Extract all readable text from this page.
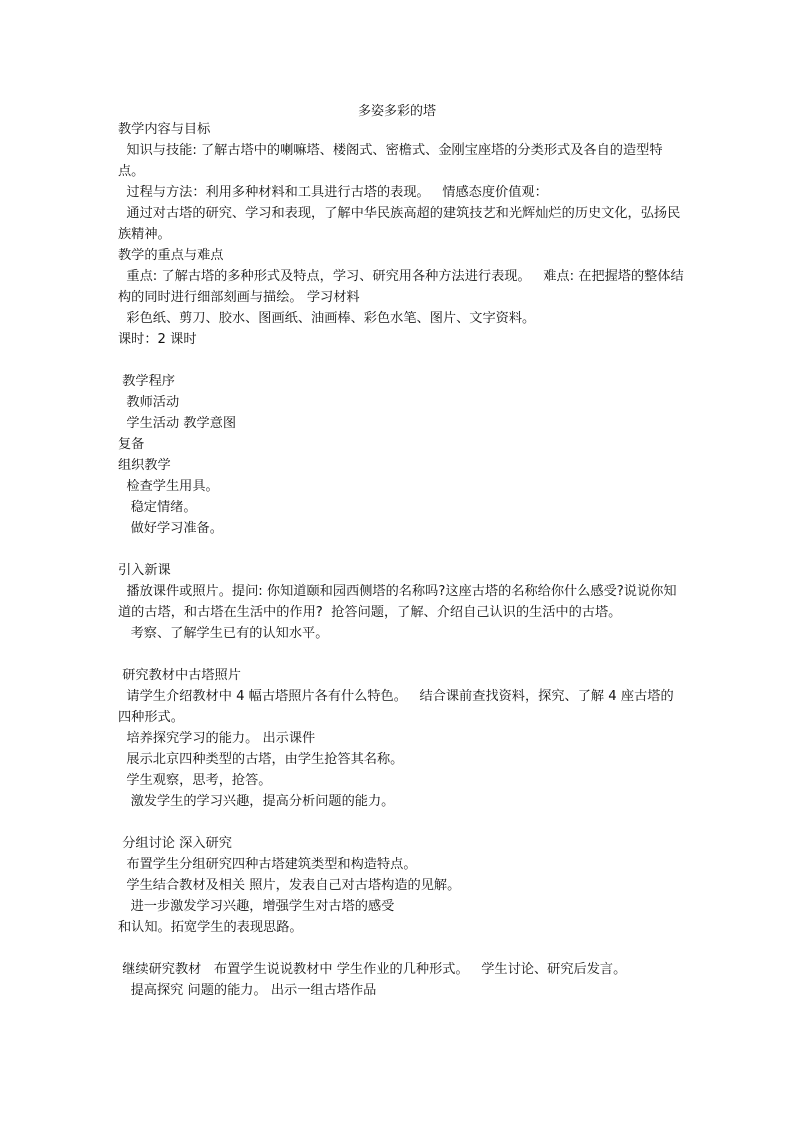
多姿多彩的塔

教学内容与目标

知识与技能: 了解古塔中的喇嘛塔、楼阁式、密檐式、金刚宝座塔的分类形式及各自的造型特点。

过程与方法：利用多种材料和工具进行古塔的表现。   情感态度价值观：

通过对古塔的研究、学习和表现，了解中华民族高超的建筑技艺和光辉灿烂的历史文化，弘扬民族精神。

教学的重点与难点

重点: 了解古塔的多种形式及特点，学习、研究用各种方法进行表现。   难点: 在把握塔的整体结构的同时进行细部刻画与描绘。 学习材料

彩色纸、剪刀、胶水、图画纸、油画棒、彩色水笔、图片、文字资料。

课时：2 课时

教学程序

教师活动

学生活动 教学意图

复备

组织教学

检查学生用具。

稳定情绪。

做好学习准备。

引入新课

播放课件或照片。提问: 你知道颐和园西侧塔的名称吗?这座古塔的名称给你什么感受?说说你知道的古塔，和古塔在生活中的作用?  抢答问题，了解、介绍自己认识的生活中的古塔。

考察、了解学生已有的认知水平。

研究教材中古塔照片

请学生介绍教材中 4 幅古塔照片各有什么特色。   结合课前查找资料，探究、了解 4 座古塔的四种形式。

培养探究学习的能力。 出示课件

展示北京四种类型的古塔，由学生抢答其名称。

学生观察，思考，抢答。

激发学生的学习兴趣，提高分析问题的能力。

分组讨论 深入研究

布置学生分组研究四种古塔建筑类型和构造特点。

学生结合教材及相关 照片，发表自己对古塔构造的见解。

进一步激发学习兴趣，增强学生对古塔的感受

和认知。拓宽学生的表现思路。

继续研究教材   布置学生说说教材中 学生作业的几种形式。   学生讨论、研究后发言。

提高探究 问题的能力。 出示一组古塔作品
